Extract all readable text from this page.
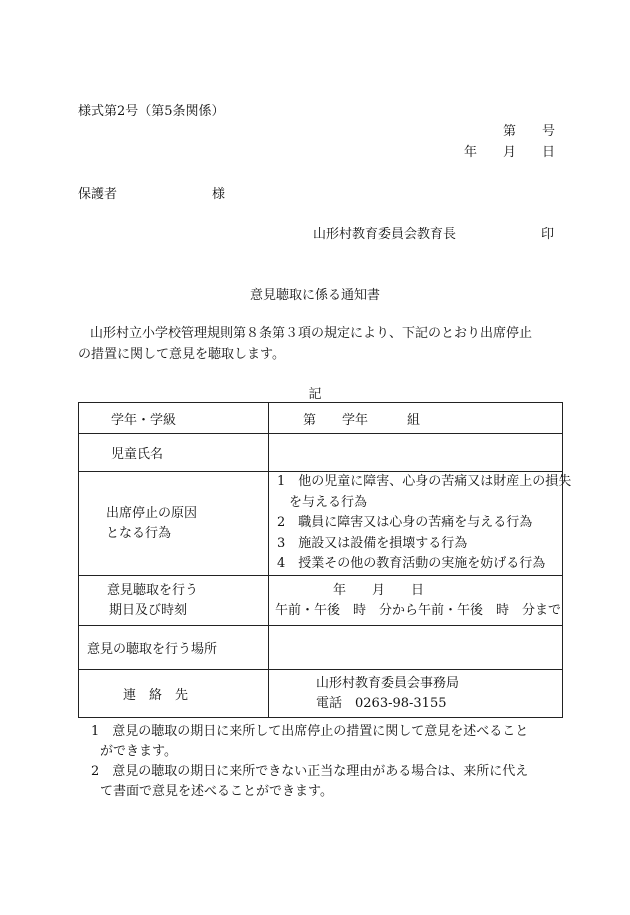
様式第2号（第5条関係）
第　　号
年　　月　　日
保護者	様
山形村教育委員会教育長	印
意見聴取に係る通知書
山形村立小学校管理規則第８条第３項の規定により、下記のとおり出席停止
の措置に関して意見を聴取します。
記
学年・学級	第　　学年　　　組
児童氏名	

出席停止の原因
となる行為	1　他の児童に障害、心身の苦痛又は財産上の損失
を与える行為
2　職員に障害又は心身の苦痛を与える行為
3　施設又は設備を損壊する行為
4　授業その他の教育活動の実施を妨げる行為

意見聴取を行う
期日及び時刻	年　　月　　日
午前・午後　時　分から午前・午後　時　分まで

意見の聴取を行う場所	
連　絡　先	山形村教育委員会事務局
電話　0263-98-3155
1　意見の聴取の期日に来所して出席停止の措置に関して意見を述べること
ができます。
2　意見の聴取の期日に来所できない正当な理由がある場合は、来所に代え
て書面で意見を述べることができます。
